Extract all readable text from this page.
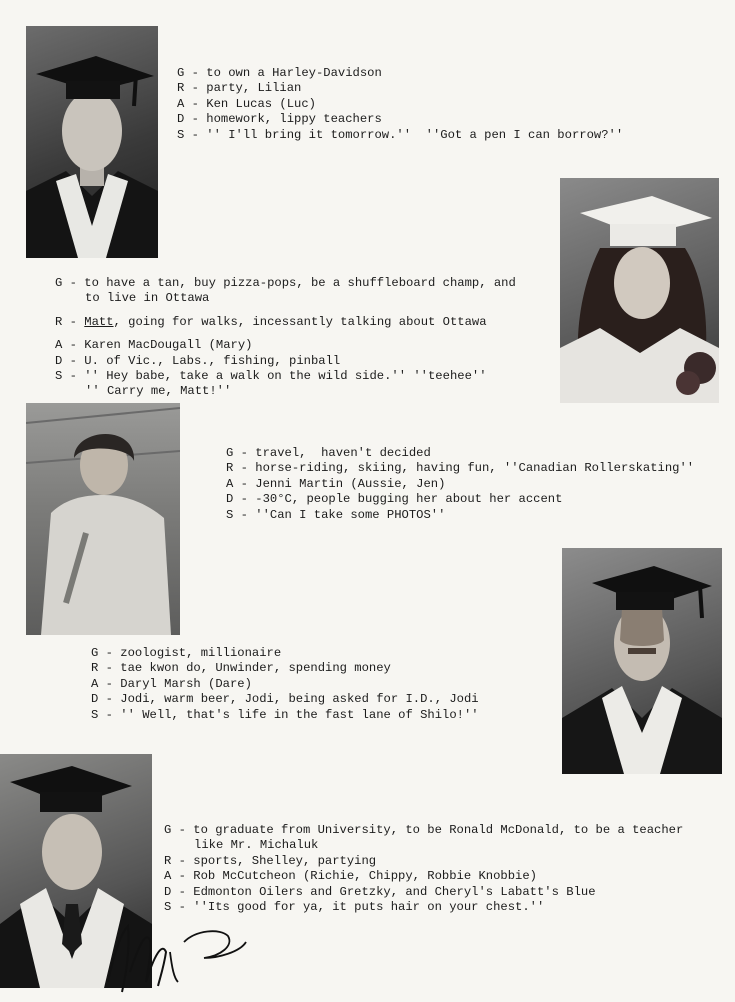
G - to own a Harley-Davidson
R - party, Lilian
A - Ken Lucas (Luc)
D - homework, lippy teachers
S - '' I'll bring it tomorrow.''  ''Got a pen I can borrow?''
G - to have a tan, buy pizza-pops, be a shuffleboard champ, and
to live in Ottawa
R - Matt, going for walks, incessantly talking about Ottawa
A - Karen MacDougall (Mary)
D - U. of Vic., Labs., fishing, pinball
S - '' Hey babe, take a walk on the wild side.'' ''teehee''
'' Carry me, Matt!''
G - travel,  haven't decided
R - horse-riding, skiing, having fun, ''Canadian Rollerskating''
A - Jenni Martin (Aussie, Jen)
D - -30°C, people bugging her about her accent
S - ''Can I take some PHOTOS''
G - zoologist, millionaire
R - tae kwon do, Unwinder, spending money
A - Daryl Marsh (Dare)
D - Jodi, warm beer, Jodi, being asked for I.D., Jodi
S - '' Well, that's life in the fast lane of Shilo!''
G - to graduate from University, to be Ronald McDonald, to be a teacher
like Mr. Michaluk
R - sports, Shelley, partying
A - Rob McCutcheon (Richie, Chippy, Robbie Knobbie)
D - Edmonton Oilers and Gretzky, and Cheryl's Labatt's Blue
S - ''Its good for ya, it puts hair on your chest.''
